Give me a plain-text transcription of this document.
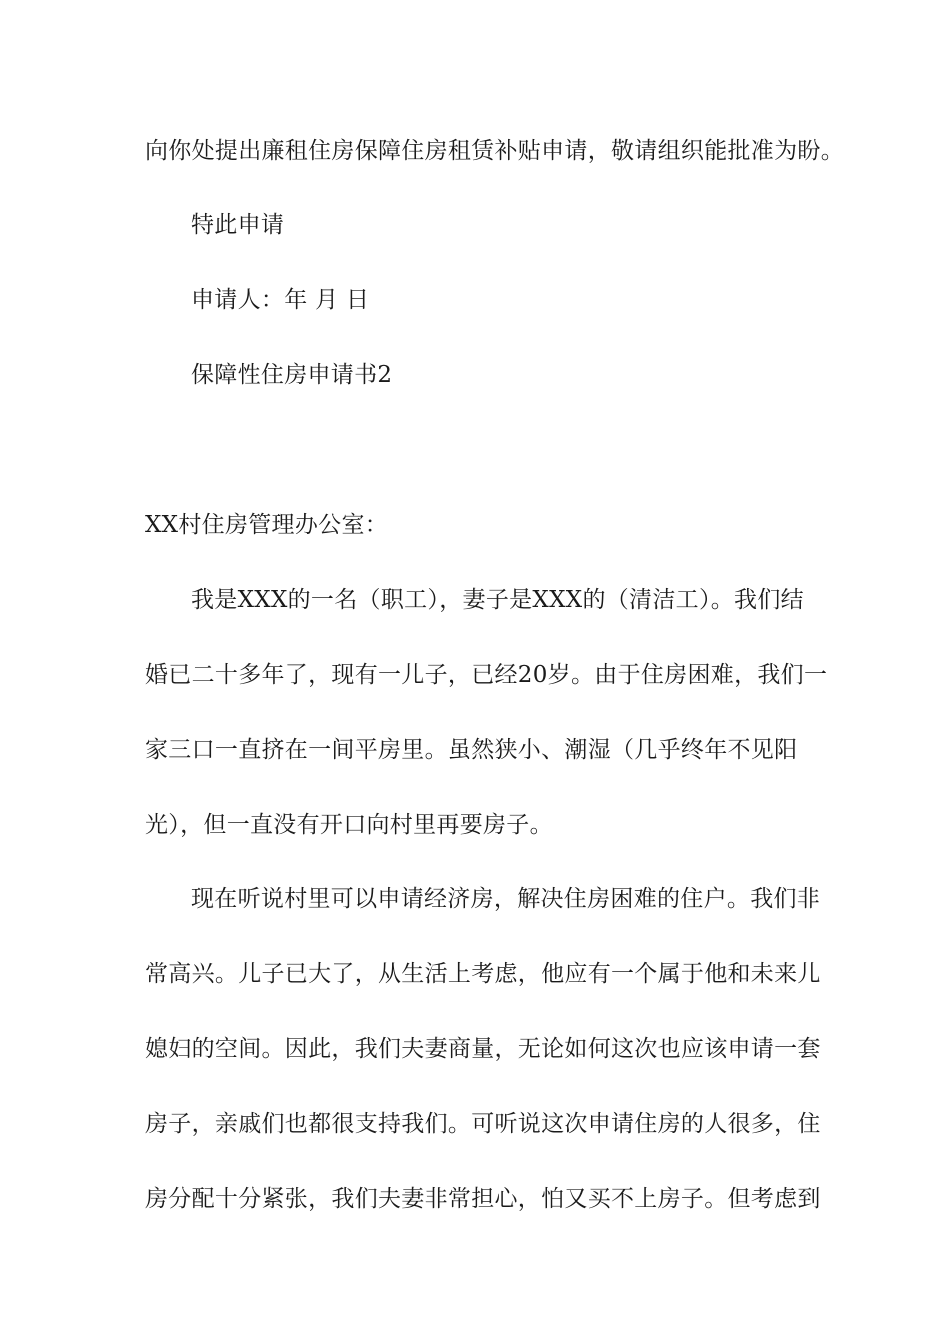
向你处提出廉租住房保障住房租赁补贴申请，敬请组织能批准为盼。
特此申请
申请人：年 月 日
保障性住房申请书2
XX村住房管理办公室：
我是XXX的一名（职工），妻子是XXX的（清洁工）。我们结
婚已二十多年了，现有一儿子，已经20岁。由于住房困难，我们一
家三口一直挤在一间平房里。虽然狭小、潮湿（几乎终年不见阳
光），但一直没有开口向村里再要房子。
现在听说村里可以申请经济房，解决住房困难的住户。我们非
常高兴。儿子已大了，从生活上考虑，他应有一个属于他和未来儿
媳妇的空间。因此，我们夫妻商量，无论如何这次也应该申请一套
房子，亲戚们也都很支持我们。可听说这次申请住房的人很多，住
房分配十分紧张，我们夫妻非常担心，怕又买不上房子。但考虑到
